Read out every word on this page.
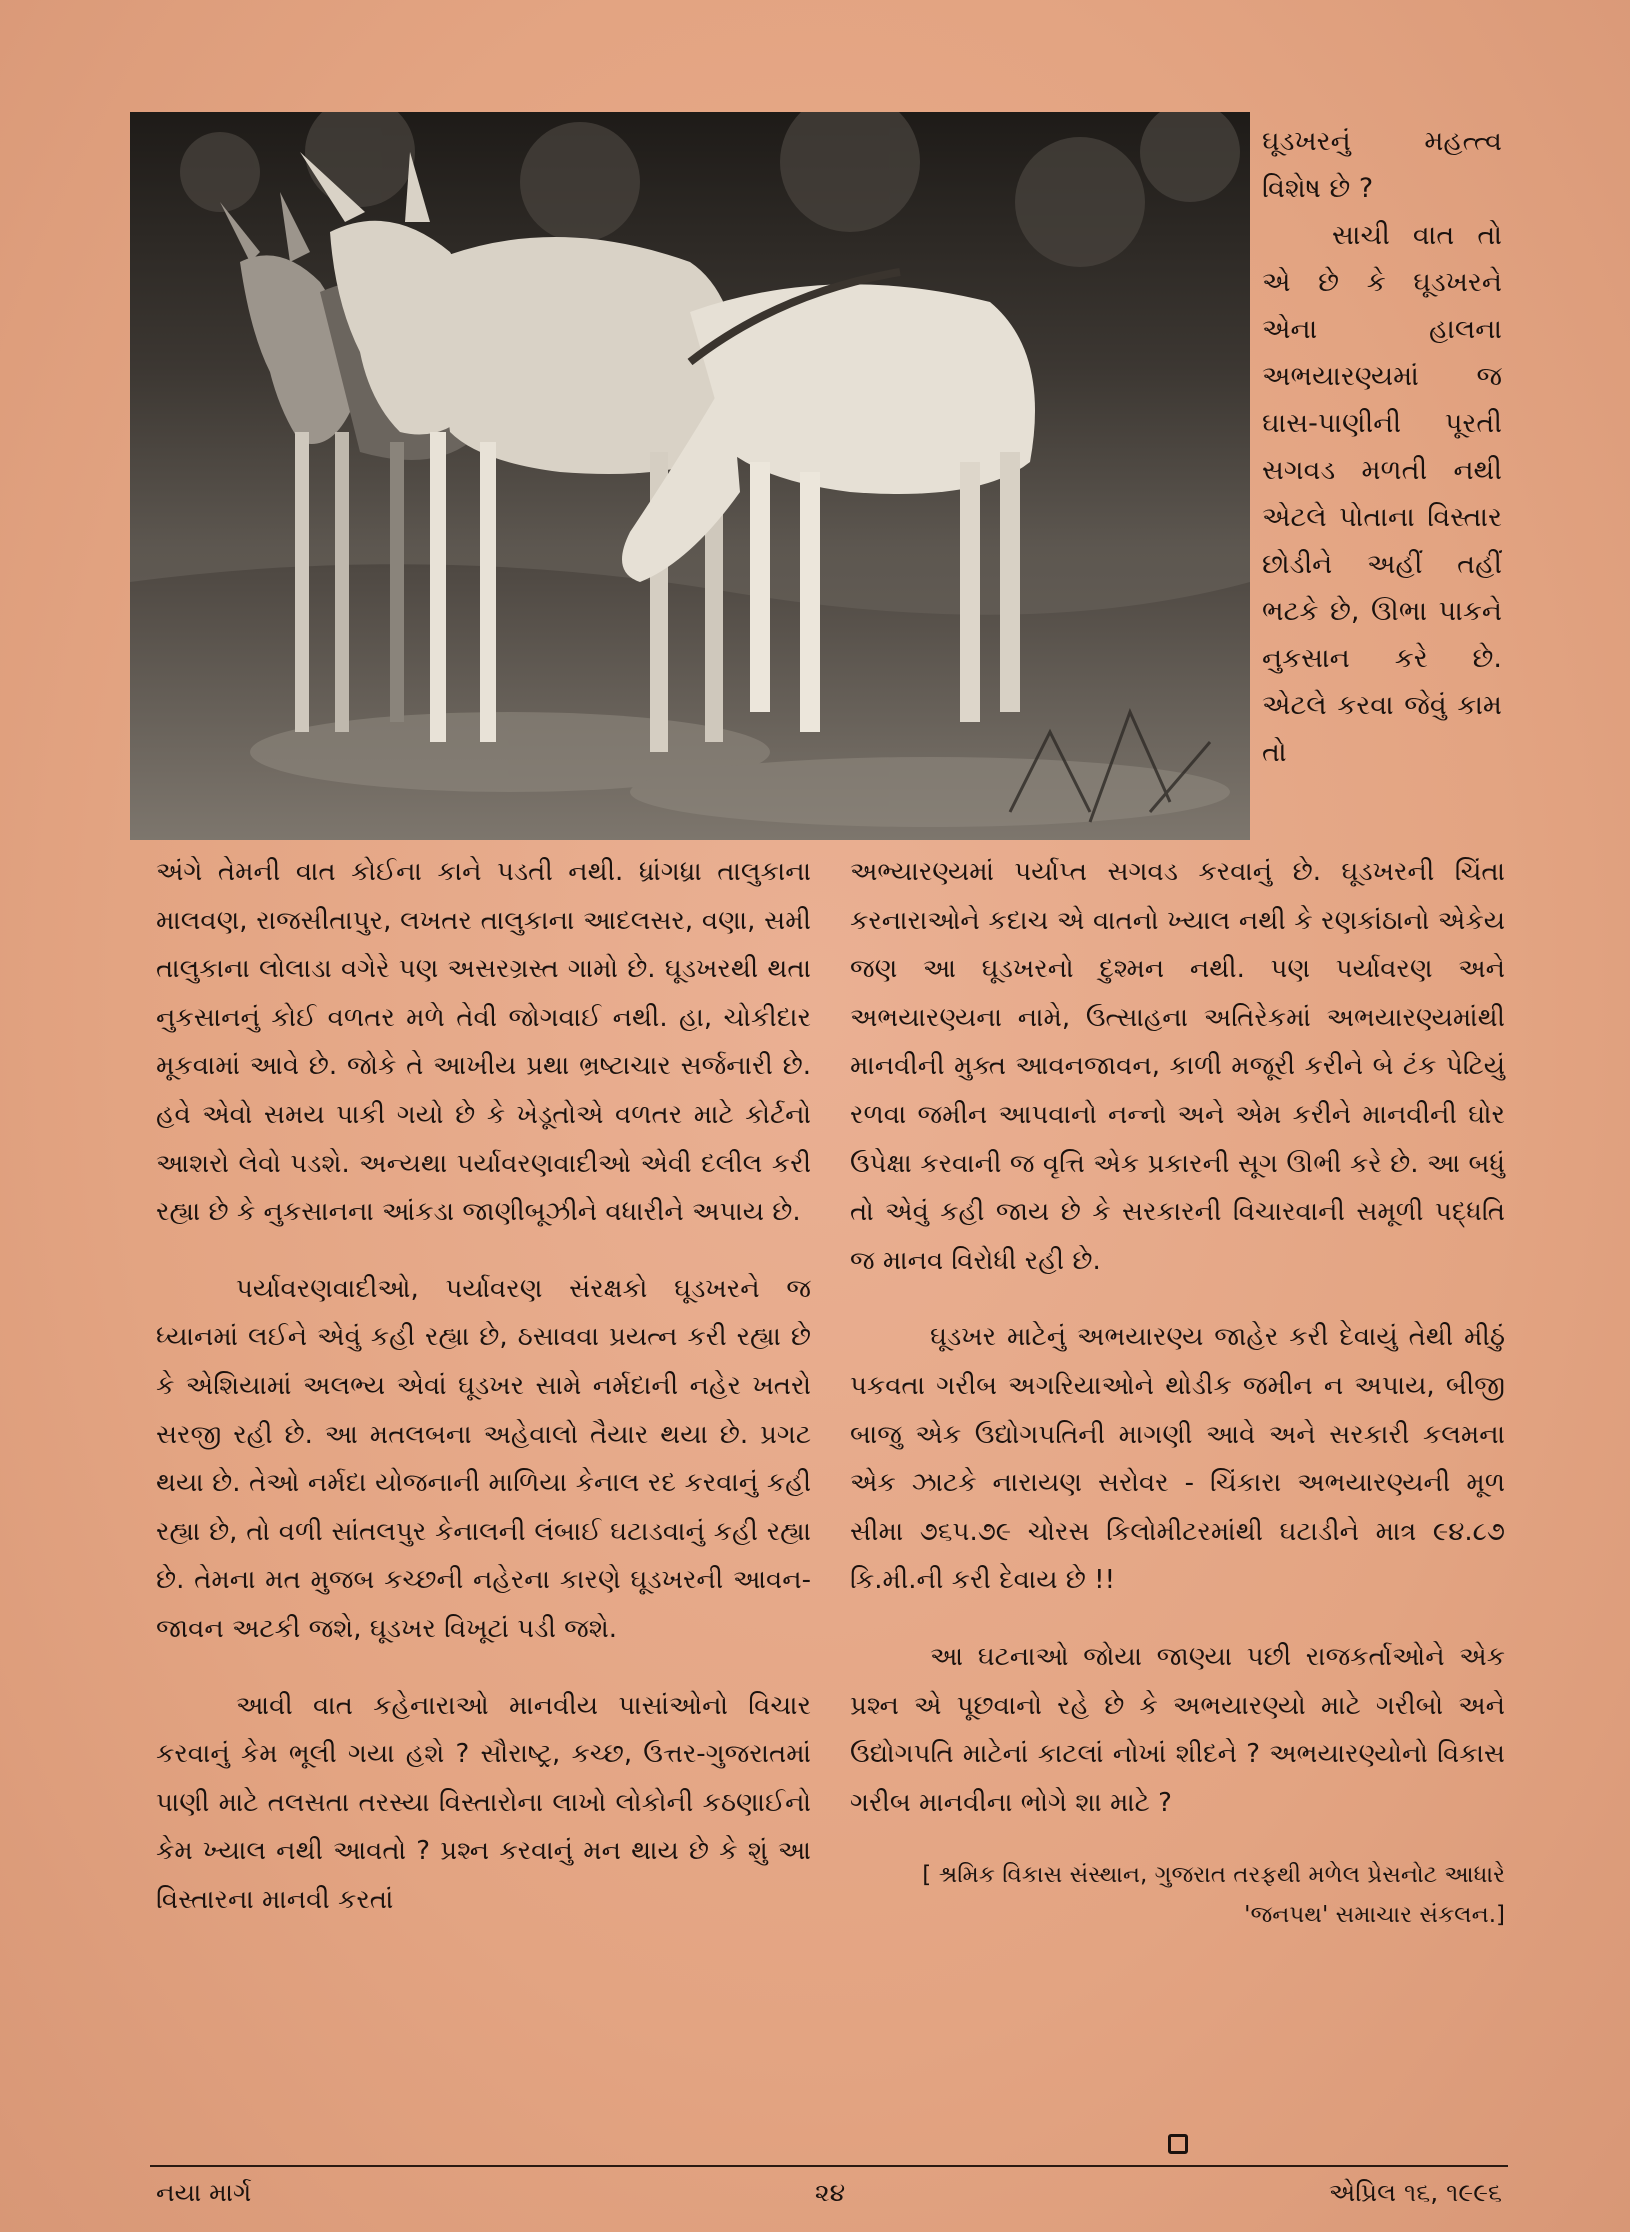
ઘૂડખરનું મહત્ત્વ વિશેષ છે ?

સાચી વાત તો એ છે કે ઘૂડખરને એના હાલના અભયારણ્યમાં જ ઘાસ-પાણીની પૂરતી સગવડ મળતી નથી એટલે પોતાના વિસ્તાર છોડીને અહીં તહીં ભટકે છે, ઊભા પાકને નુકસાન કરે છે. એટલે કરવા જેવું કામ તો

અંગે તેમની વાત કોઈના કાને પડતી નથી. ધ્રાંગધ્રા તાલુકાના માલવણ, રાજસીતાપુર, લખતર તાલુકાના આદલસર, વણા, સમી તાલુકાના લોલાડા વગેરે પણ અસરગ્રસ્ત ગામો છે. ઘૂડખરથી થતા નુકસાનનું કોઈ વળતર મળે તેવી જોગવાઈ નથી. હા, ચોકીદાર મૂકવામાં આવે છે. જોકે તે આખીય પ્રથા ભ્રષ્ટાચાર સર્જનારી છે. હવે એવો સમય પાકી ગયો છે કે ખેડૂતોએ વળતર માટે કોર્ટનો આશરો લેવો પડશે. અન્યથા પર્યાવરણવાદીઓ એવી દલીલ કરી રહ્યા છે કે નુકસાનના આંકડા જાણીબૂઝીને વધારીને અપાય છે.

પર્યાવરણવાદીઓ, પર્યાવરણ સંરક્ષકો ઘૂડખરને જ ધ્યાનમાં લઈને એવું કહી રહ્યા છે, ઠસાવવા પ્રયત્ન કરી રહ્યા છે કે એશિયામાં અલભ્ય એવાં ઘૂડખર સામે નર્મદાની નહેર ખતરો સરજી રહી છે. આ મતલબના અહેવાલો તૈયાર થયા છે. પ્રગટ થયા છે. તેઓ નર્મદા યોજનાની માળિયા કેનાલ રદ કરવાનું કહી રહ્યા છે, તો વળી સાંતલપુર કેનાલની લંબાઈ ઘટાડવાનું કહી રહ્યા છે. તેમના મત મુજબ કચ્છની નહેરના કારણે ઘૂડખરની આવન-જાવન અટકી જશે, ઘૂડખર વિખૂટાં પડી જશે.

આવી વાત કહેનારાઓ માનવીય પાસાંઓનો વિચાર કરવાનું કેમ ભૂલી ગયા હશે ? સૌરાષ્ટ્ર, કચ્છ, ઉત્તર-ગુજરાતમાં પાણી માટે તલસતા તરસ્યા વિસ્તારોના લાખો લોકોની કઠણાઈનો કેમ ખ્યાલ નથી આવતો ? પ્રશ્ન કરવાનું મન થાય છે કે શું આ વિસ્તારના માનવી કરતાં

અભ્યારણ્યમાં પર્યાપ્ત સગવડ કરવાનું છે. ઘૂડખરની ચિંતા કરનારાઓને કદાચ એ વાતનો ખ્યાલ નથી કે રણકાંઠાનો એકેય જણ આ ઘૂડખરનો દુશ્મન નથી. પણ પર્યાવરણ અને અભયારણ્યના નામે, ઉત્સાહના અતિરેકમાં અભયારણ્યમાંથી માનવીની મુક્ત આવનજાવન, કાળી મજૂરી કરીને બે ટંક પેટિયું રળવા જમીન આપવાનો નન્નો અને એમ કરીને માનવીની ઘોર ઉપેક્ષા કરવાની જ વૃત્તિ એક પ્રકારની સૂગ ઊભી કરે છે. આ બધું તો એવું કહી જાય છે કે સરકારની વિચારવાની સમૂળી પદ્ધતિ જ માનવ વિરોધી રહી છે.

ઘૂડખર માટેનું અભયારણ્ય જાહેર કરી દેવાયું તેથી મીઠું પકવતા ગરીબ અગરિયાઓને થોડીક જમીન ન અપાય, બીજી બાજુ એક ઉદ્યોગપતિની માગણી આવે અને સરકારી કલમના એક ઝાટકે નારાયણ સરોવર - ચિંકારા અભયારણ્યની મૂળ સીમા ૭૬૫.૭૯ ચોરસ કિલોમીટરમાંથી ઘટાડીને માત્ર ૯૪.૮૭ કિ.મી.ની કરી દેવાય છે !!

આ ઘટનાઓ જોયા જાણ્યા પછી રાજકર્તાઓને એક પ્રશ્ન એ પૂછવાનો રહે છે કે અભયારણ્યો માટે ગરીબો અને ઉદ્યોગપતિ માટેનાં કાટલાં નોખાં શીદને ? અભયારણ્યોનો વિકાસ ગરીબ માનવીના ભોગે શા માટે ?

[ શ્રમિક વિકાસ સંસ્થાન, ગુજરાત તરફથી મળેલ પ્રેસનોટ આધારે
'જનપથ' સમાચાર સંકલન.]
નયા માર્ગ	૨૪	એપ્રિલ ૧૬, ૧૯૯૬
